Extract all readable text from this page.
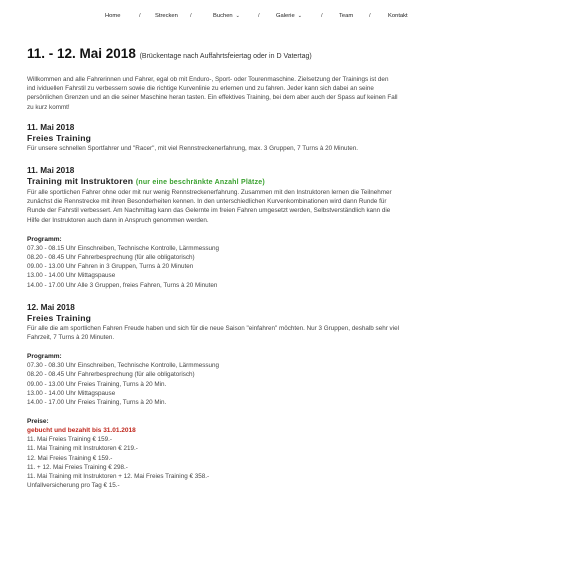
Home	/ Strecken /	Buchen ⌄	/	Galerie ⌄	/	Team	/	Kontakt
11. - 12. Mai 2018 (Brückentage nach Auffahrtsfeiertag oder in D Vatertag)
Willkommen and alle Fahrerinnen und Fahrer, egal ob mit Enduro-, Sport- oder Tourenmaschine. Zielsetzung der Trainings ist den
ind ividuellen Fahrstil zu verbessern sowie die richtige Kurvenlinie zu erlernen und zu fahren. Jeder kann sich dabei an seine
persönlichen Grenzen und an die seiner Maschine heran tasten. Ein effektives Training, bei dem aber auch der Spass auf keinen Fall
zu kurz kommt!
11. Mai 2018
Freies Training
Für unsere schnellen Sportfahrer und "Racer", mit viel Rennstreckenerfahrung, max. 3 Gruppen, 7 Turns à 20 Minuten.
11. Mai 2018
Training mit Instruktoren (nur eine beschränkte Anzahl Plätze)
Für alle sportlichen Fahrer ohne oder mit nur wenig Rennstreckenerfahrung. Zusammen mit den Instruktoren lernen die Teilnehmer
zunächst die Rennstrecke mit ihren Besonderheiten kennen. In den unterschiedlichen Kurvenkombinationen wird dann Runde für
Runde der Fahrstil verbessert. Am Nachmittag kann das Gelernte im freien Fahren umgesetzt werden, Selbstverständlich kann die
Hilfe der Instruktoren auch dann in Anspruch genommen werden.
Programm:
07.30 - 08.15 Uhr Einschreiben, Technische Kontrolle, Lärmmessung
08.20 - 08.45 Uhr Fahrerbesprechung (für alle obligatorisch)
09.00 - 13.00 Uhr Fahren in 3 Gruppen, Turns à 20 Minuten
13.00 - 14.00 Uhr Mittagspause
14.00 - 17.00 Uhr Alle 3 Gruppen, freies Fahren, Turns à 20 Minuten
12. Mai 2018
Freies Training
Für alle die am sportlichen Fahren Freude haben und sich für die neue Saison "einfahren" möchten. Nur 3 Gruppen, deshalb sehr viel
Fahrzeit, 7 Turns à 20 Minuten.
Programm:
07.30 - 08.30 Uhr Einschreiben, Technische Kontrolle, Lärmmessung
08.20 - 08.45 Uhr Fahrerbesprechung (für alle obligatorisch)
09.00 - 13.00 Uhr Freies Training, Turns à 20 Min.
13.00 - 14.00 Uhr Mittagspause
14.00 - 17.00 Uhr Freies Training, Turns à 20 Min.
Preise:
gebucht und bezahlt bis 31.01.2018
11. Mai Freies Training € 159.-
11. Mai Training mit Instruktoren € 219.-
12. Mai Freies Training € 159.-
11. + 12. Mai Freies Training € 298.-
11. Mai Training mit Instruktoren + 12. Mai Freies Training € 358.-
Unfallversicherung pro Tag € 15.-
